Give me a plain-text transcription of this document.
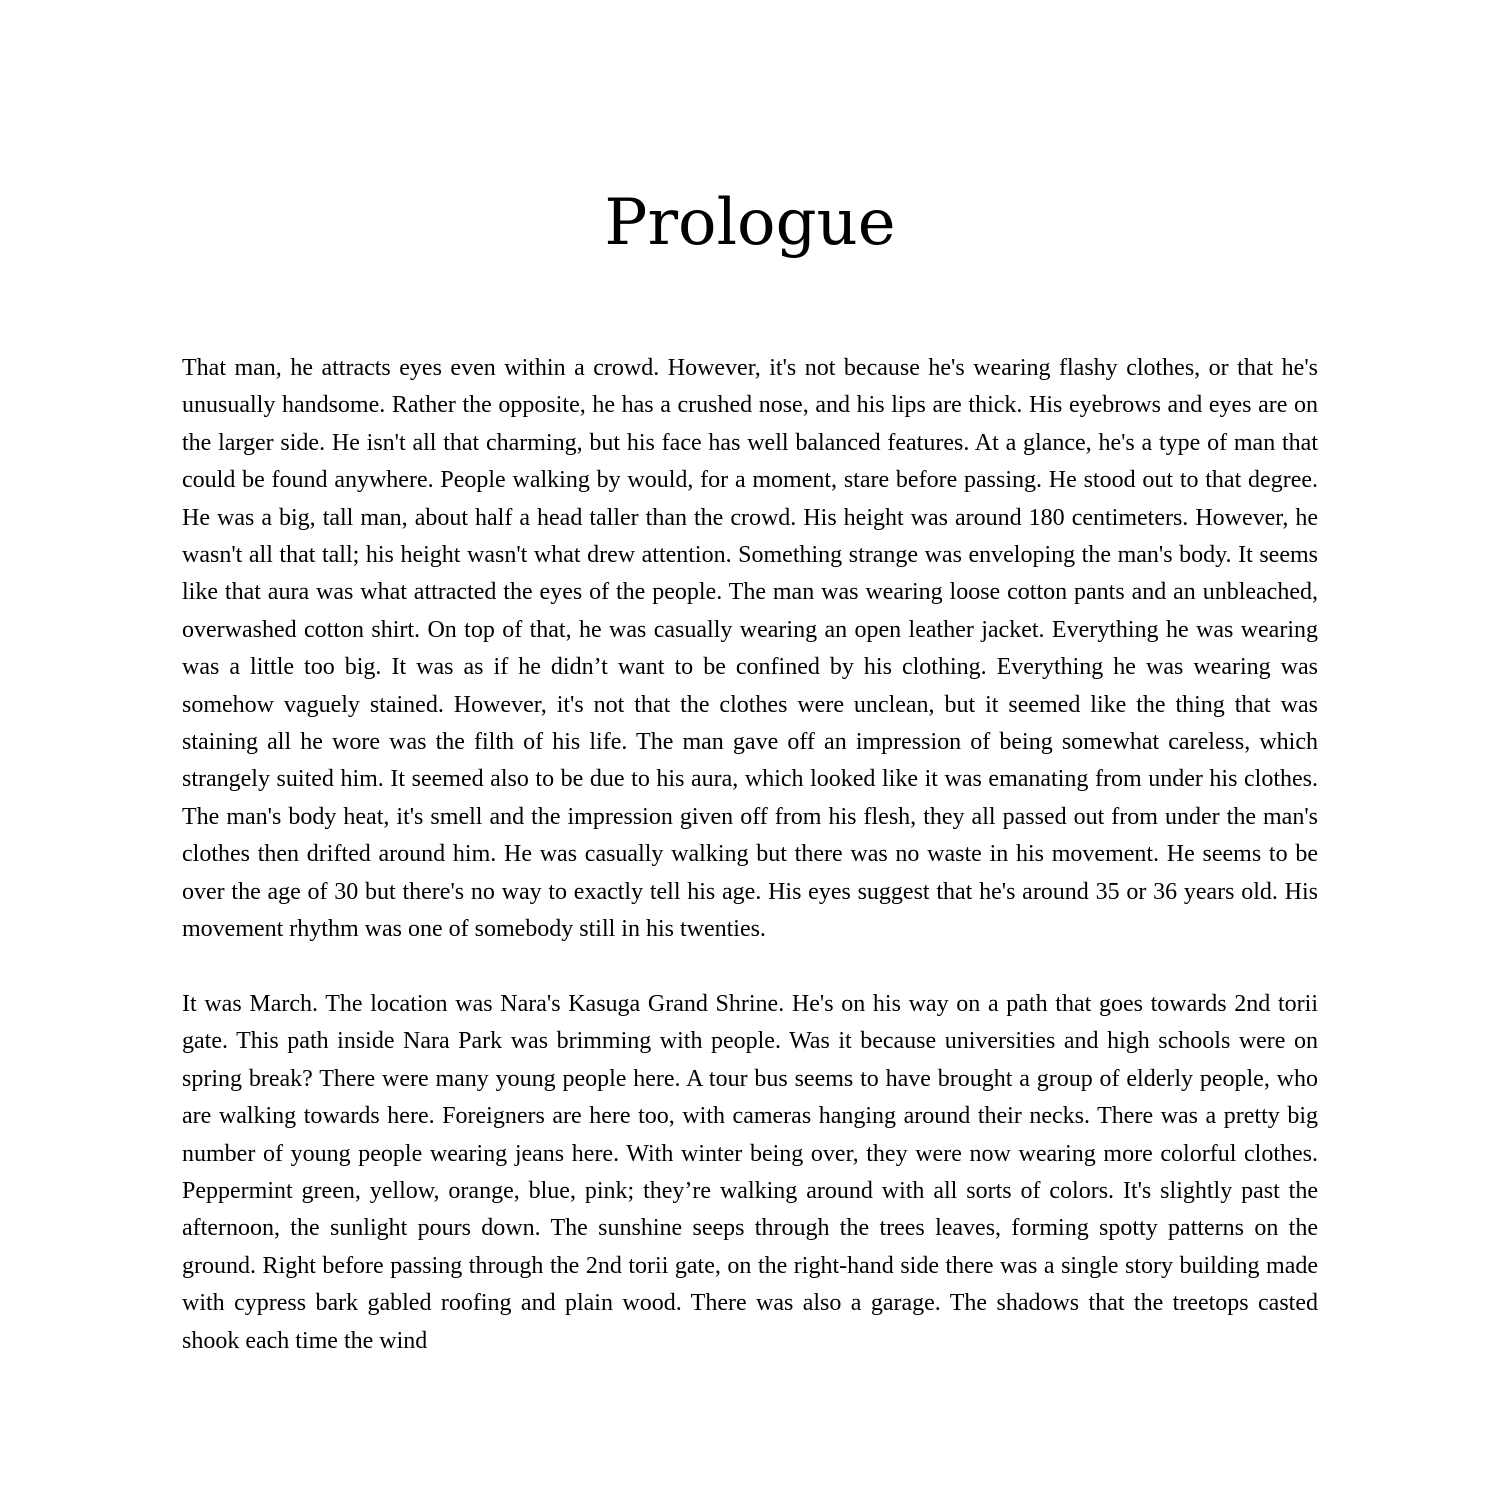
Prologue

That man, he attracts eyes even within a crowd. However, it's not because he's wearing flashy clothes, or that he's unusually handsome. Rather the opposite, he has a crushed nose, and his lips are thick. His eyebrows and eyes are on the larger side. He isn't all that charming, but his face has well balanced features. At a glance, he's a type of man that could be found anywhere. People walking by would, for a moment, stare before passing. He stood out to that degree. He was a big, tall man, about half a head taller than the crowd. His height was around 180 centimeters. However, he wasn't all that tall; his height wasn't what drew attention. Something strange was enveloping the man's body. It seems like that aura was what attracted the eyes of the people. The man was wearing loose cotton pants and an unbleached, overwashed cotton shirt. On top of that, he was casually wearing an open leather jacket. Everything he was wearing was a little too big. It was as if he didn’t want to be confined by his clothing. Everything he was wearing was somehow vaguely stained. However, it's not that the clothes were unclean, but it seemed like the thing that was staining all he wore was the filth of his life. The man gave off an impression of being somewhat careless, which strangely suited him. It seemed also to be due to his aura, which looked like it was emanating from under his clothes. The man's body heat, it's smell and the impression given off from his flesh, they all passed out from under the man's clothes then drifted around him. He was casually walking but there was no waste in his movement. He seems to be over the age of 30 but there's no way to exactly tell his age. His eyes suggest that he's around 35 or 36 years old. His movement rhythm was one of somebody still in his twenties.

It was March. The location was Nara's Kasuga Grand Shrine. He's on his way on a path that goes towards 2nd torii gate. This path inside Nara Park was brimming with people. Was it because universities and high schools were on spring break? There were many young people here. A tour bus seems to have brought a group of elderly people, who are walking towards here. Foreigners are here too, with cameras hanging around their necks. There was a pretty big number of young people wearing jeans here. With winter being over, they were now wearing more colorful clothes. Peppermint green, yellow, orange, blue, pink; they’re walking around with all sorts of colors. It's slightly past the afternoon, the sunlight pours down. The sunshine seeps through the trees leaves, forming spotty patterns on the ground. Right before passing through the 2nd torii gate, on the right-hand side there was a single story building made with cypress bark gabled roofing and plain wood. There was also a garage. The shadows that the treetops casted shook each time the wind
